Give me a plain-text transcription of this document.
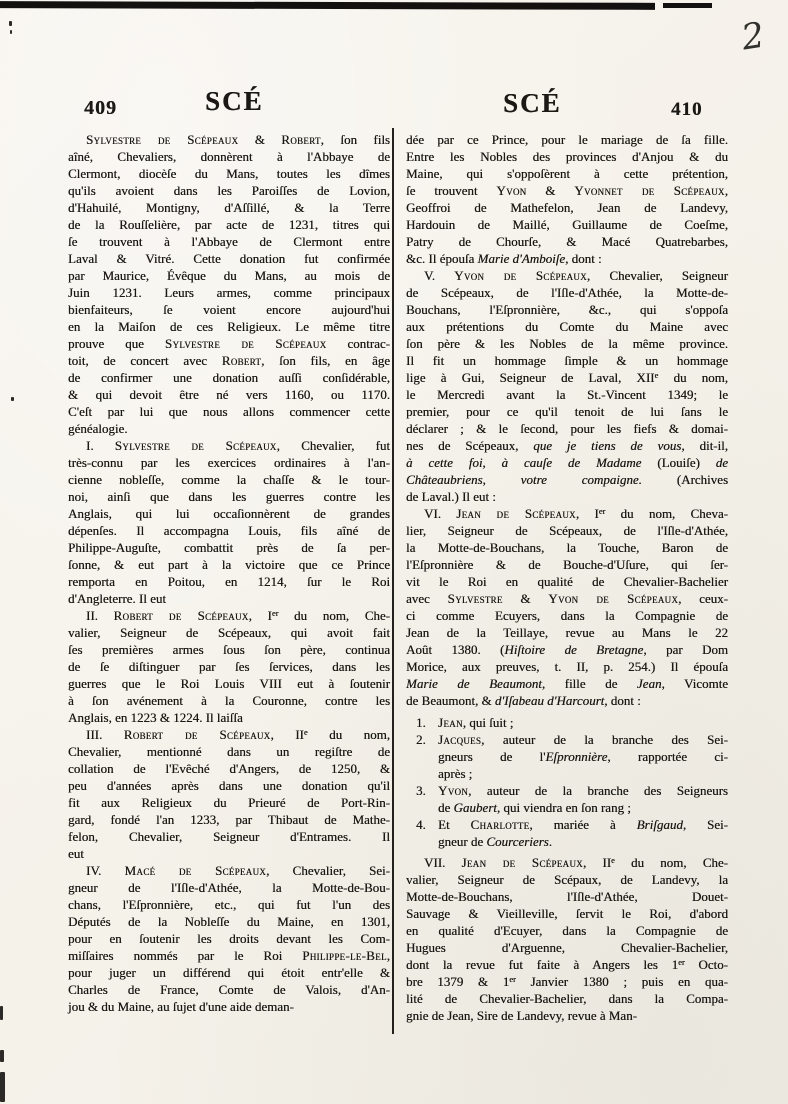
2
409	SCÉ	SCÉ	410
Sylvestre de Scépeaux & Robert, ſon fils
aîné, Chevaliers, donnèrent à l'Abbaye de
Clermont, diocèſe du Mans, toutes les dîmes
qu'ils avoient dans les Paroiſſes de Lovion,
d'Hahuilé, Montigny, d'Aſſillé, & la Terre
de la Rouſſelière, par acte de 1231, titres qui
ſe trouvent à l'Abbaye de Clermont entre
Laval & Vitré. Cette donation fut confirmée
par Maurice, Évêque du Mans, au mois de
Juin 1231. Leurs armes, comme principaux
bienfaiteurs, ſe voient encore aujourd'hui
en la Maiſon de ces Religieux. Le même titre
prouve que Sylvestre de Scépeaux contrac-
toit, de concert avec Robert, ſon fils, en âge
de confirmer une donation auſſi conſidérable,
& qui devoit être né vers 1160, ou 1170.
C'eſt par lui que nous allons commencer cette
généalogie.
I. Sylvestre de Scépeaux, Chevalier, fut
très-connu par les exercices ordinaires à l'an-
cienne nobleſſe, comme la chaſſe & le tour-
noi, ainſi que dans les guerres contre les
Anglais, qui lui occaſionnèrent de grandes
dépenſes. Il accompagna Louis, fils aîné de
Philippe-Auguſte, combattit près de ſa per-
ſonne, & eut part à la victoire que ce Prince
remporta en Poitou, en 1214, ſur le Roi
d'Angleterre. Il eut
II. Robert de Scépeaux, Ier du nom, Che-
valier, Seigneur de Scépeaux, qui avoit fait
ſes premières armes ſous ſon père, continua
de ſe diſtinguer par ſes ſervices, dans les
guerres que le Roi Louis VIII eut à ſoutenir
à ſon avénement à la Couronne, contre les
Anglais, en 1223 & 1224. Il laiſſa
III. Robert de Scépeaux, IIe du nom,
Chevalier, mentionné dans un regiſtre de
collation de l'Evêché d'Angers, de 1250, &
peu d'années après dans une donation qu'il
fit aux Religieux du Prieuré de Port-Rin-
gard, fondé l'an 1233, par Thibaut de Mathe-
felon, Chevalier, Seigneur d'Entrames. Il
eut
IV. Macé de Scépeaux, Chevalier, Sei-
gneur de l'Iſle-d'Athée, la Motte-de-Bou-
chans, l'Eſpronnière, etc., qui fut l'un des
Députés de la Nobleſſe du Maine, en 1301,
pour en ſoutenir les droits devant les Com-
miſſaires nommés par le Roi Philippe-le-Bel,
pour juger un différend qui étoit entr'elle &
Charles de France, Comte de Valois, d'An-
jou & du Maine, au ſujet d'une aide deman-
dée par ce Prince, pour le mariage de ſa fille.
Entre les Nobles des provinces d'Anjou & du
Maine, qui s'oppoſèrent à cette prétention,
ſe trouvent Yvon & Yvonnet de Scépeaux,
Geoffroi de Mathefelon, Jean de Landevy,
Hardouin de Maillé, Guillaume de Coeſme,
Patry de Chourſe, & Macé Quatrebarbes,
&c. Il épouſa Marie d'Amboiſe, dont :
V. Yvon de Scépeaux, Chevalier, Seigneur
de Scépeaux, de l'Iſle-d'Athée, la Motte-de-
Bouchans, l'Eſpronnière, &c., qui s'oppoſa
aux prétentions du Comte du Maine avec
ſon père & les Nobles de la même province.
Il fit un hommage ſimple & un hommage
lige à Gui, Seigneur de Laval, XIIe du nom,
le Mercredi avant la St.-Vincent 1349; le
premier, pour ce qu'il tenoit de lui ſans le
déclarer ; & le ſecond, pour les fiefs & domai-
nes de Scépeaux, que je tiens de vous, dit-il,
à cette foi, à cauſe de Madame (Louiſe) de
Châteaubriens, votre compaigne. (Archives
de Laval.) Il eut :
VI. Jean de Scépeaux, Ier du nom, Cheva-
lier, Seigneur de Scépeaux, de l'Iſle-d'Athée,
la Motte-de-Bouchans, la Touche, Baron de
l'Eſpronnière & de Bouche-d'Uſure, qui ſer-
vit le Roi en qualité de Chevalier-Bachelier
avec Sylvestre & Yvon de Scépeaux, ceux-
ci comme Ecuyers, dans la Compagnie de
Jean de la Teillaye, revue au Mans le 22
Août 1380. (Hiſtoire de Bretagne, par Dom
Morice, aux preuves, t. II, p. 254.) Il épouſa
Marie de Beaumont, fille de Jean, Vicomte
de Beaumont, & d'Iſabeau d'Harcourt, dont :
1. Jean, qui ſuit ;
2. Jacques, auteur de la branche des Sei-
gneurs de l'Eſpronnière, rapportée ci-
après ;
3. Yvon, auteur de la branche des Seigneurs
de Gaubert, qui viendra en ſon rang ;
4. Et Charlotte, mariée à Briſgaud, Sei-
gneur de Courceriers.
VII. Jean de Scépeaux, IIe du nom, Che-
valier, Seigneur de Scépaux, de Landevy, la
Motte-de-Bouchans, l'Iſle-d'Athée, Douet-
Sauvage & Vieilleville, ſervit le Roi, d'abord
en qualité d'Ecuyer, dans la Compagnie de
Hugues d'Arguenne, Chevalier-Bachelier,
dont la revue fut faite à Angers les 1er Octo-
bre 1379 & 1er Janvier 1380 ; puis en qua-
lité de Chevalier-Bachelier, dans la Compa-
gnie de Jean, Sire de Landevy, revue à Man-
